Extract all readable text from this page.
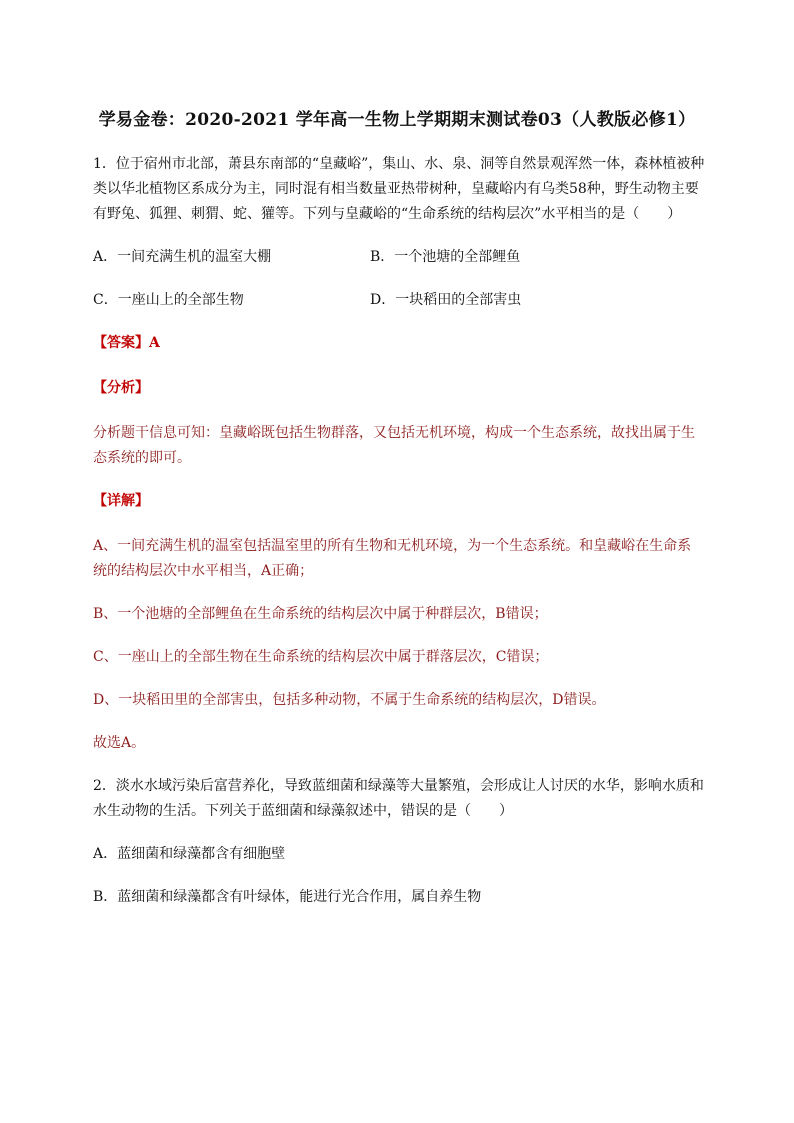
学易金卷：2020-2021 学年高一生物上学期期末测试卷03（人教版必修1）

1．位于宿州市北部，萧县东南部的“皇藏峪”，集山、水、泉、洞等自然景观浑然一体，森林植被种类以华北植物区系成分为主，同时混有相当数量亚热带树种，皇藏峪内有乌类58种，野生动物主要有野兔、狐狸、刺猬、蛇、獾等。下列与皇藏峪的“生命系统的结构层次”水平相当的是（　　）

A．一间充满生机的温室大棚	B．一个池塘的全部鲤鱼
C．一座山上的全部生物	D．一块稻田的全部害虫
【答案】A
【分析】

分析题干信息可知：皇藏峪既包括生物群落，又包括无机环境，构成一个生态系统，故找出属于生态系统的即可。

【详解】

A、一间充满生机的温室包括温室里的所有生物和无机环境，为一个生态系统。和皇藏峪在生命系统的结构层次中水平相当，A正确；

B、一个池塘的全部鲤鱼在生命系统的结构层次中属于种群层次，B错误；

C、一座山上的全部生物在生命系统的结构层次中属于群落层次，C错误；

D、一块稻田里的全部害虫，包括多种动物，不属于生命系统的结构层次，D错误。

故选A。

2．淡水水域污染后富营养化，导致蓝细菌和绿藻等大量繁殖，会形成让人讨厌的水华，影响水质和水生动物的生活。下列关于蓝细菌和绿藻叙述中，错误的是（　　）

A．蓝细菌和绿藻都含有细胞壁

B．蓝细菌和绿藻都含有叶绿体，能进行光合作用，属自养生物
